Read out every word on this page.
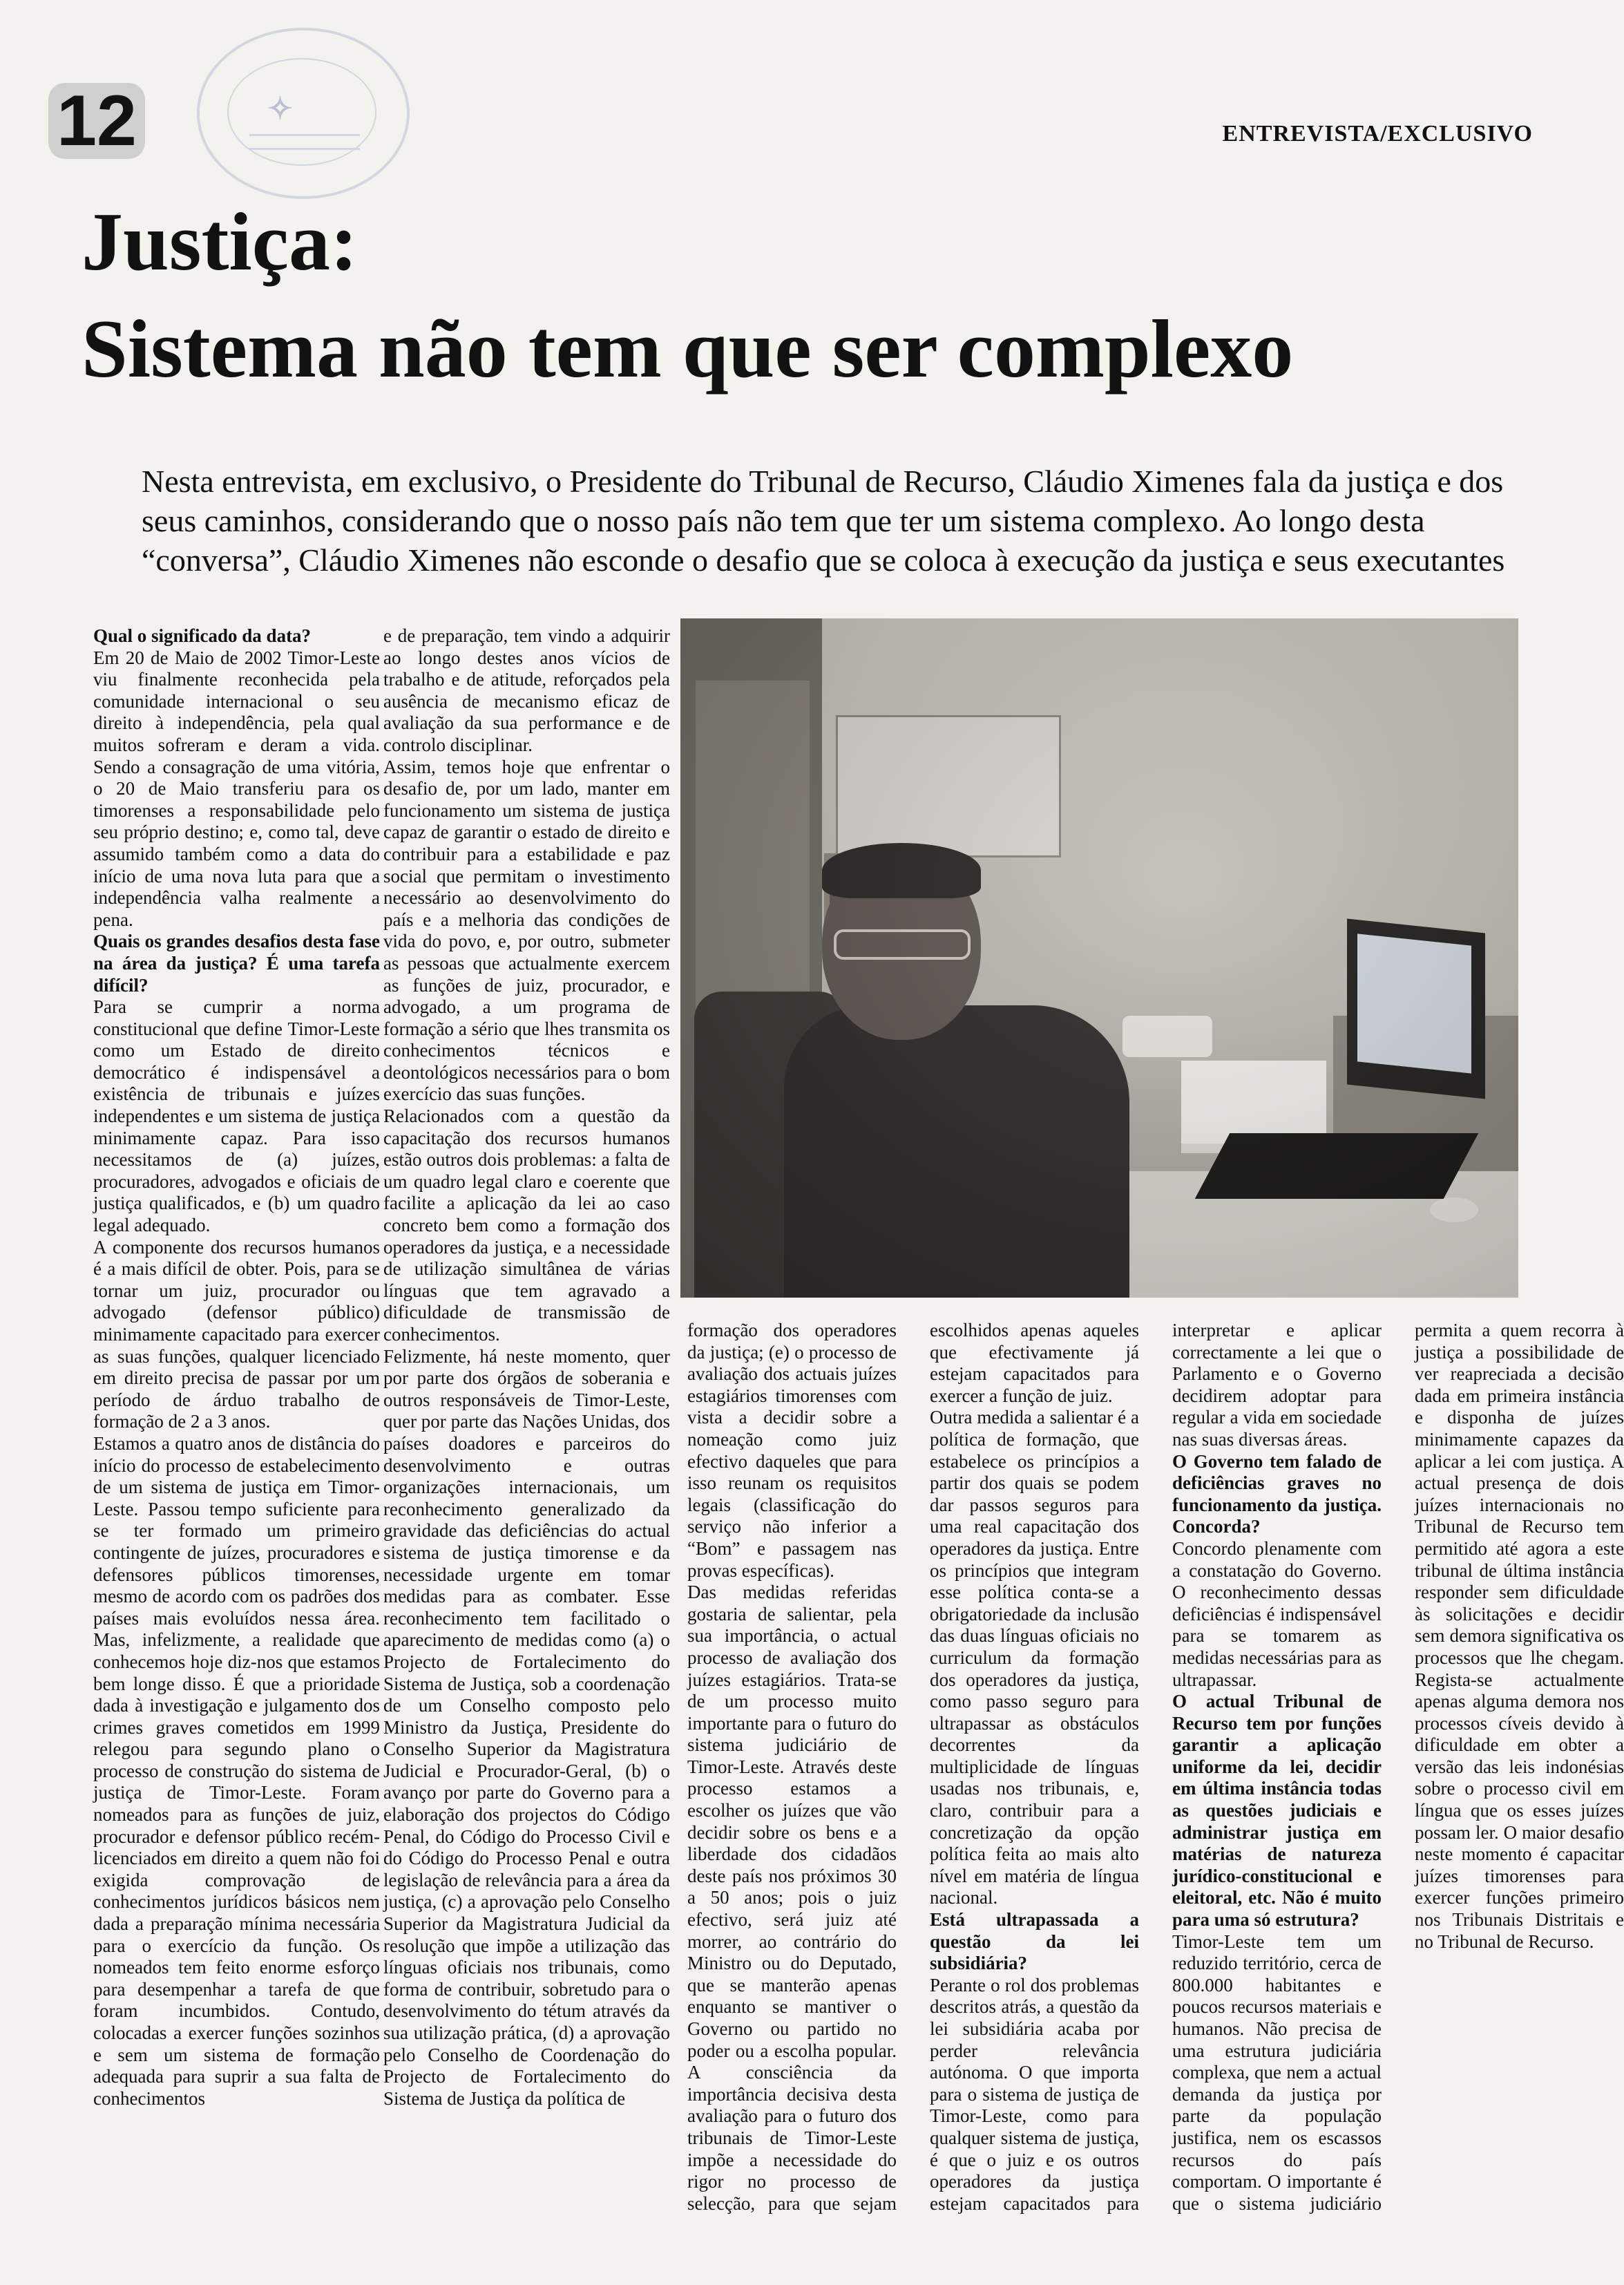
✧
12	ENTREVISTA/EXCLUSIVO
Justiça:
Sistema não tem que ser complexo

Nesta entrevista, em exclusivo, o Presidente do Tribunal de Recurso, Cláudio Ximenes fala da justiça e dos seus caminhos, considerando que o nosso país não tem que ter um sistema complexo. Ao longo desta “conversa”, Cláudio Ximenes não esconde o desafio que se coloca à execução da justiça e seus executantes

Qual o significado da data?

Em 20 de Maio de 2002 Timor-Leste viu finalmente reconhecida pela comunidade internacional o seu direito à independência, pela qual muitos sofreram e deram a vida. Sendo a consagração de uma vitória, o 20 de Maio transferiu para os timorenses a responsabilidade pelo seu próprio destino; e, como tal, deve assumido também como a data do início de uma nova luta para que a independência valha realmente a pena.

Quais os grandes desafios desta fase na área da justiça? É uma tarefa difícil?

Para se cumprir a norma constitucional que define Timor-Leste como um Estado de direito democrático é indispensável a existência de tribunais e juízes independentes e um sistema de justiça minimamente capaz. Para isso necessitamos de (a) juízes, procuradores, advogados e oficiais de justiça qualificados, e (b) um quadro legal adequado.

A componente dos recursos humanos é a mais difícil de obter. Pois, para se tornar um juiz, procurador ou advogado (defensor público) minimamente capacitado para exercer as suas funções, qualquer licenciado em direito precisa de passar por um período de árduo trabalho de formação de 2 a 3 anos.

Estamos a quatro anos de distância do início do processo de estabelecimento de um sistema de justiça em Timor-Leste. Passou tempo suficiente para se ter formado um primeiro contingente de juízes, procuradores e defensores públicos timorenses, mesmo de acordo com os padrões dos países mais evoluídos nessa área. Mas, infelizmente, a realidade que conhecemos hoje diz-nos que estamos bem longe disso. É que a prioridade dada à investigação e julgamento dos crimes graves cometidos em 1999 relegou para segundo plano o processo de construção do sistema de justiça de Timor-Leste. Foram nomeados para as funções de juiz, procurador e defensor público recém-licenciados em direito a quem não foi exigida comprovação de conhecimentos jurídicos básicos nem dada a preparação mínima necessária para o exercício da função. Os nomeados tem feito enorme esforço para desempenhar a tarefa de que foram incumbidos. Contudo, colocadas a exercer funções sozinhos e sem um sistema de formação adequada para suprir a sua falta de conhecimentos

e de preparação, tem vindo a adquirir ao longo destes anos vícios de trabalho e de atitude, reforçados pela ausência de mecanismo eficaz de avaliação da sua performance e de controlo disciplinar.

Assim, temos hoje que enfrentar o desafio de, por um lado, manter em funcionamento um sistema de justiça capaz de garantir o estado de direito e contribuir para a estabilidade e paz social que permitam o investimento necessário ao desenvolvimento do país e a melhoria das condições de vida do povo, e, por outro, submeter as pessoas que actualmente exercem as funções de juiz, procurador, e advogado, a um programa de formação a sério que lhes transmita os conhecimentos técnicos e deontológicos necessários para o bom exercício das suas funções.

Relacionados com a questão da capacitação dos recursos humanos estão outros dois problemas: a falta de um quadro legal claro e coerente que facilite a aplicação da lei ao caso concreto bem como a formação dos operadores da justiça, e a necessidade de utilização simultânea de várias línguas que tem agravado a dificuldade de transmissão de conhecimentos.

Felizmente, há neste momento, quer por parte dos órgãos de soberania e outros responsáveis de Timor-Leste, quer por parte das Nações Unidas, dos países doadores e parceiros do desenvolvimento e outras organizações internacionais, um reconhecimento generalizado da gravidade das deficiências do actual sistema de justiça timorense e da necessidade urgente em tomar medidas para as combater. Esse reconhecimento tem facilitado o aparecimento de medidas como (a) o Projecto de Fortalecimento do Sistema de Justiça, sob a coordenação de um Conselho composto pelo Ministro da Justiça, Presidente do Conselho Superior da Magistratura Judicial e Procurador-Geral, (b) o avanço por parte do Governo para a elaboração dos projectos do Código Penal, do Código do Processo Civil e do Código do Processo Penal e outra legislação de relevância para a área da justiça, (c) a aprovação pelo Conselho Superior da Magistratura Judicial da resolução que impõe a utilização das línguas oficiais nos tribunais, como forma de contribuir, sobretudo para o desenvolvimento do tétum através da sua utilização prática, (d) a aprovação pelo Conselho de Coordenação do Projecto de Fortalecimento do Sistema de Justiça da política de

formação dos operadores da justiça; (e) o processo de avaliação dos actuais juízes estagiários timorenses com vista a decidir sobre a nomeação como juiz efectivo daqueles que para isso reunam os requisitos legais (classificação do serviço não inferior a “Bom” e passagem nas provas específicas).

Das medidas referidas gostaria de salientar, pela sua importância, o actual processo de avaliação dos juízes estagiários. Trata-se de um processo muito importante para o futuro do sistema judiciário de Timor-Leste. Através deste processo estamos a escolher os juízes que vão decidir sobre os bens e a liberdade dos cidadãos deste país nos próximos 30 a 50 anos; pois o juiz efectivo, será juiz até morrer, ao contrário do Ministro ou do Deputado, que se manterão apenas enquanto se mantiver o Governo ou partido no poder ou a escolha popular. A consciência da importância decisiva desta avaliação para o futuro dos tribunais de Timor-Leste impõe a necessidade do rigor no processo de selecção, para que sejam escolhidos apenas aqueles que efectivamente já estejam capacitados para exercer a função de juiz.

Outra medida a salientar é a política de formação, que estabelece os princípios a partir dos quais se podem dar passos seguros para uma real capacitação dos operadores da justiça. Entre os princípios que integram esse política conta-se a obrigatoriedade da inclusão das duas línguas oficiais no curriculum da formação dos operadores da justiça, como passo seguro para ultrapassar as obstáculos decorrentes da multiplicidade de línguas usadas nos tribunais, e, claro, contribuir para a concretização da opção política feita ao mais alto nível em matéria de língua nacional.

Está ultrapassada a questão da lei subsidiária?

Perante o rol dos problemas descritos atrás, a questão da lei subsidiária acaba por perder relevância autónoma. O que importa para o sistema de justiça de Timor-Leste, como para qualquer sistema de justiça, é que o juiz e os outros operadores da justiça estejam capacitados para interpretar e aplicar correctamente a lei que o Parlamento e o Governo decidirem adoptar para regular a vida em sociedade nas suas diversas áreas.

O Governo tem falado de deficiências graves no funcionamento da justiça. Concorda?

Concordo plenamente com a constatação do Governo. O reconhecimento dessas deficiências é indispensável para se tomarem as medidas necessárias para as ultrapassar.

O actual Tribunal de Recurso tem por funções garantir a aplicação uniforme da lei, decidir em última instância todas as questões judiciais e administrar justiça em matérias de natureza jurídico-constitucional e eleitoral, etc. Não é muito para uma só estrutura?

Timor-Leste tem um reduzido território, cerca de 800.000 habitantes e poucos recursos materiais e humanos. Não precisa de uma estrutura judiciária complexa, que nem a actual demanda da justiça por parte da população justifica, nem os escassos recursos do país comportam. O importante é que o sistema judiciário permita a quem recorra à justiça a possibilidade de ver reapreciada a decisão dada em primeira instância e disponha de juízes minimamente capazes da aplicar a lei com justiça. A actual presença de dois juízes internacionais no Tribunal de Recurso tem permitido até agora a este tribunal de última instância responder sem dificuldade às solicitações e decidir sem demora significativa os processos que lhe chegam. Regista-se actualmente apenas alguma demora nos processos cíveis devido à dificuldade em obter a versão das leis indonésias sobre o processo civil em língua que os esses juízes possam ler. O maior desafio neste momento é capacitar juízes timorenses para exercer funções primeiro nos Tribunais Distritais e no Tribunal de Recurso.
